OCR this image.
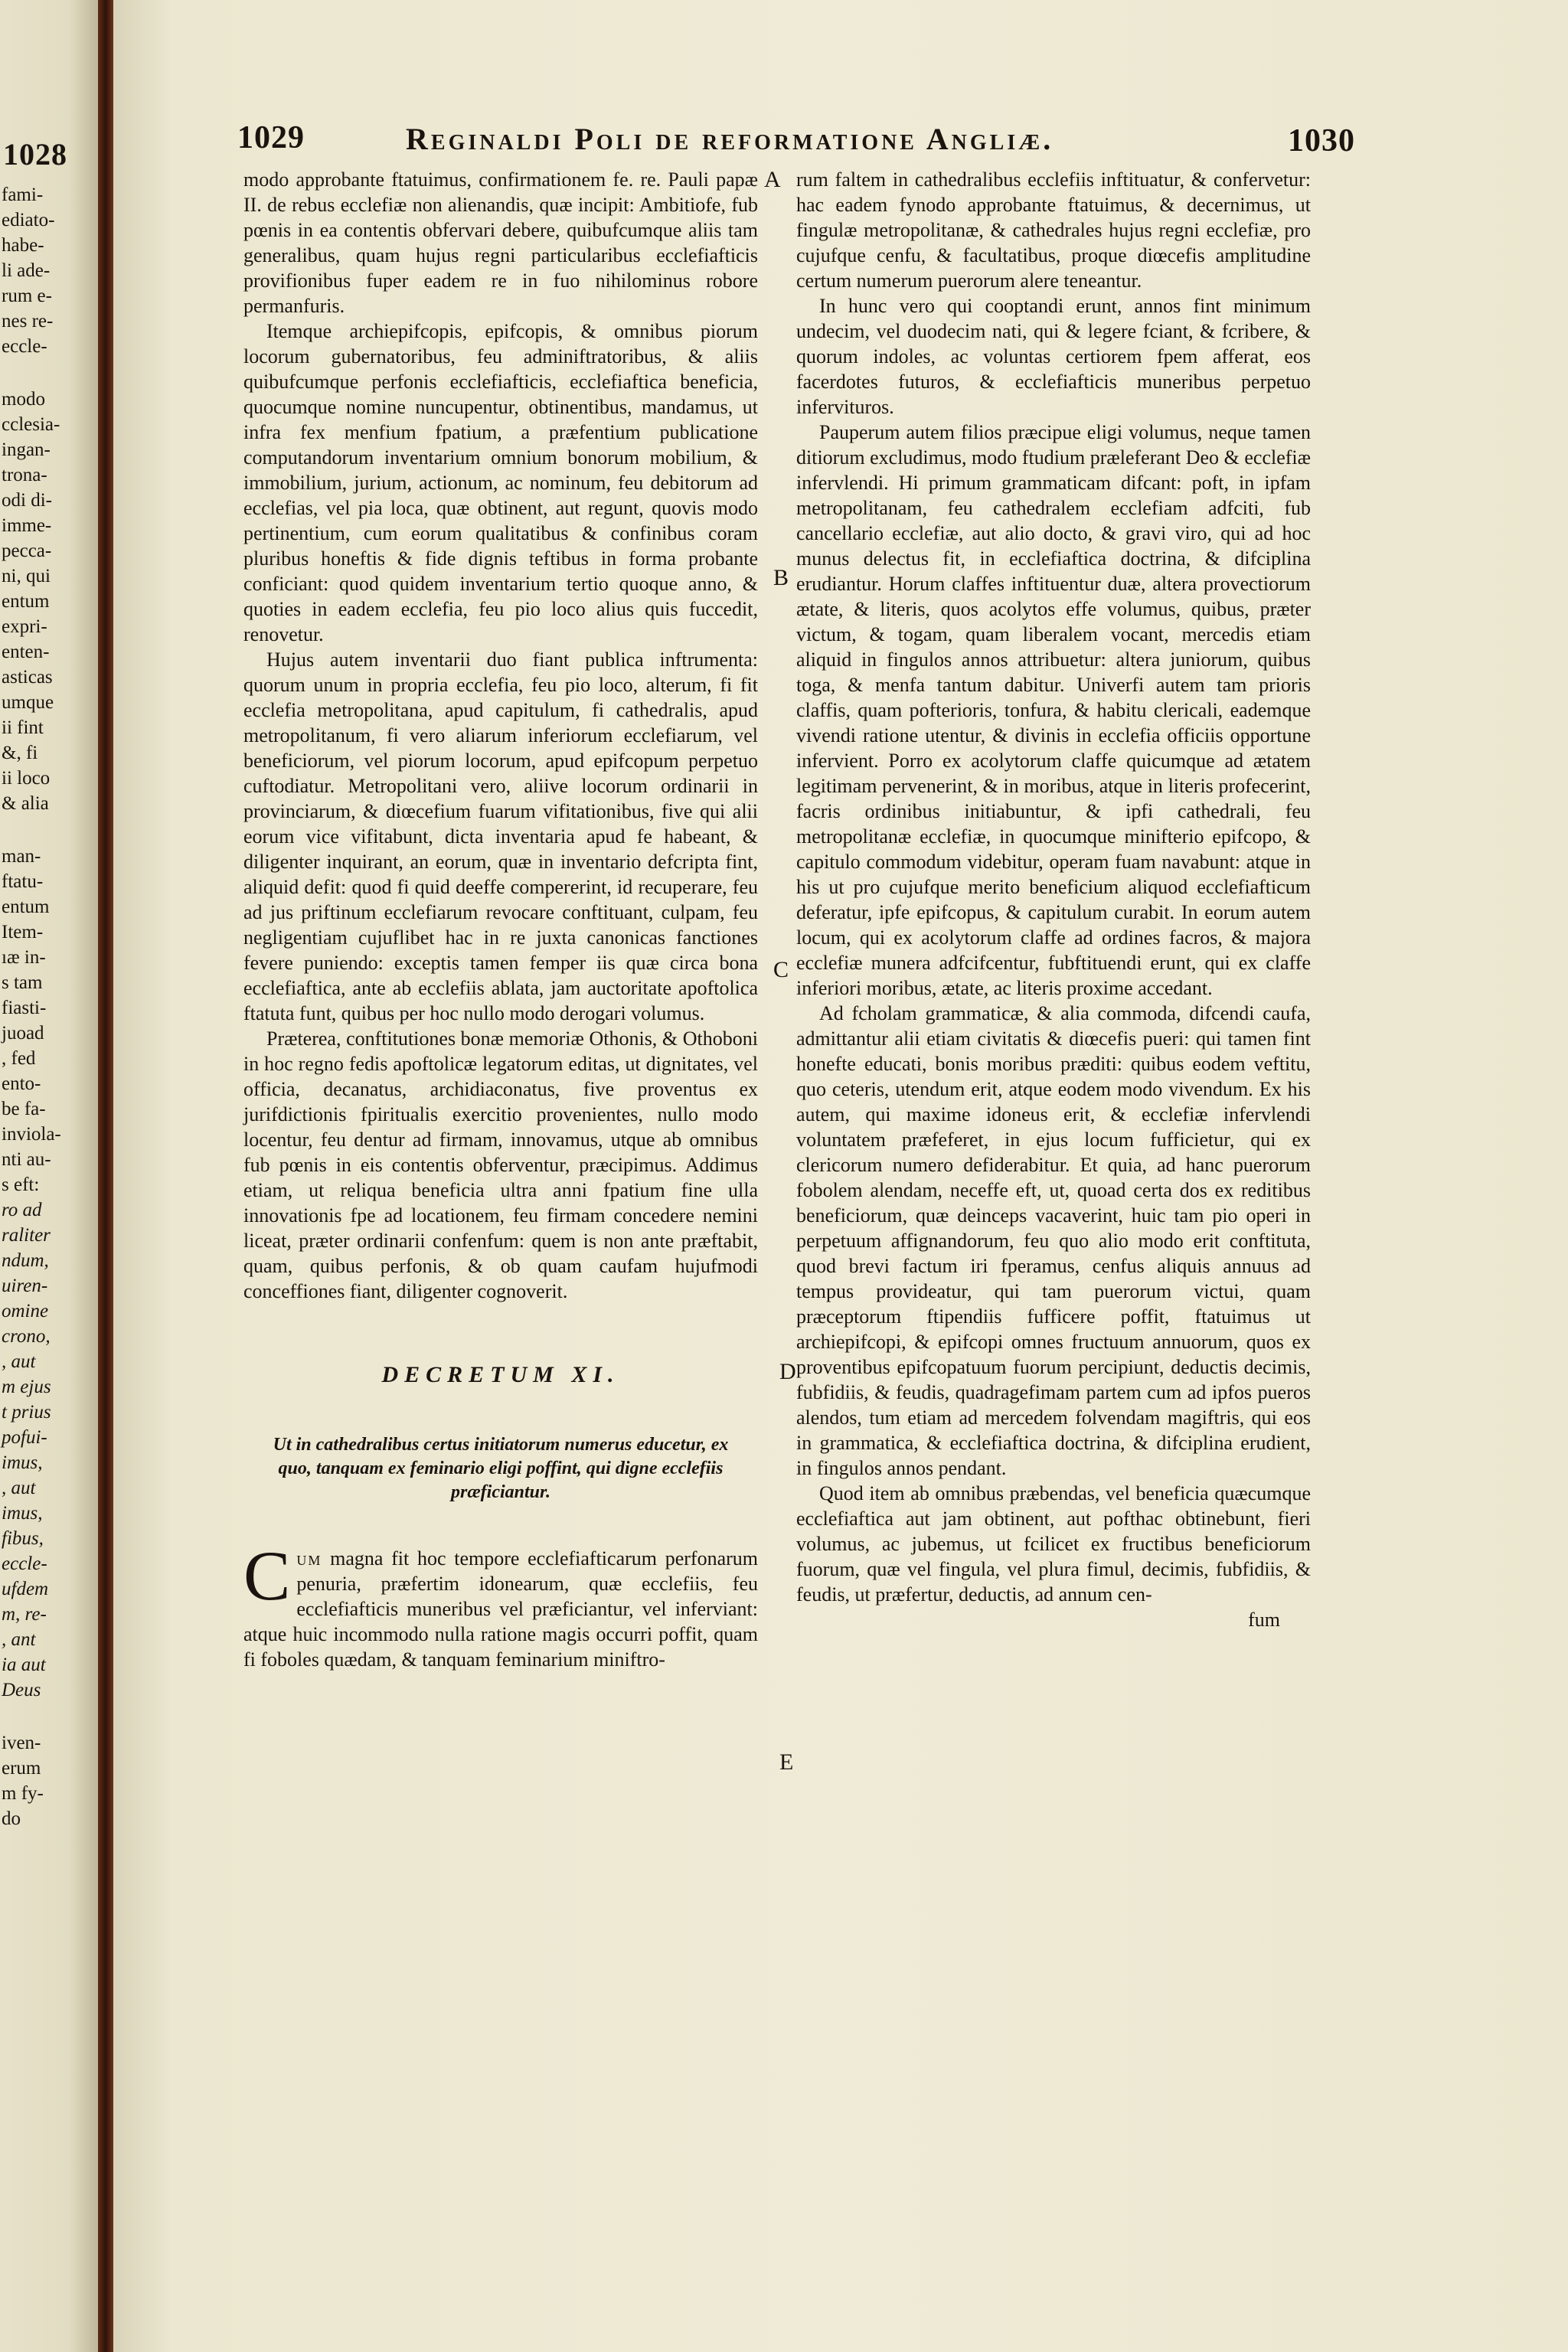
1028
fami-
ediato-
habe-
li ade-
rum e-
nes re-
eccle-
modo
cclesia-
ingan-
trona-
odi di-
imme-
pecca-
ni, qui
entum
expri-
enten-
asticas
umque
ii fint
&, fi
ii loco
& alia
man-
ftatu-
entum
Item-
ıæ in-
s tam
fiasti-
juoad
, fed
ento-
be fa-
inviola-
nti au-
s eft:
ro ad
raliter
ndum,
uiren-
omine
crono,
, aut
m ejus
t prius
pofui-
imus,
, aut
imus,
fibus,
eccle-
ufdem
m, re-
, ant
ia aut
Deus
iven-
erum
m fy-
do
1029	Reginaldi Poli de reformatione Angliæ.	1030

modo approbante ftatuimus, confirmationem fe. re. Pauli papæ II. de rebus ecclefiæ non alienandis, quæ incipit: Ambitiofe, fub pœnis in ea contentis obfervari debere, quibufcumque aliis tam generalibus, quam hujus regni particularibus ecclefiafticis provifionibus fuper eadem re in fuo nihilominus robore permanfuris.

Itemque archiepifcopis, epifcopis, & omnibus piorum locorum gubernatoribus, feu adminiftratoribus, & aliis quibufcumque perfonis ecclefiafticis, ecclefiaftica beneficia, quocumque nomine nuncupentur, obtinentibus, mandamus, ut infra fex menfium fpatium, a præfentium publicatione computandorum inventarium omnium bonorum mobilium, & immobilium, jurium, actionum, ac nominum, feu debitorum ad ecclefias, vel pia loca, quæ obtinent, aut regunt, quovis modo pertinentium, cum eorum qualitatibus & confinibus coram pluribus honeftis & fide dignis teftibus in forma probante conficiant: quod quidem inventarium tertio quoque anno, & quoties in eadem ecclefia, feu pio loco alius quis fuccedit, renovetur.

Hujus autem inventarii duo fiant publica inftrumenta: quorum unum in propria ecclefia, feu pio loco, alterum, fi fit ecclefia metropolitana, apud capitulum, fi cathedralis, apud metropolitanum, fi vero aliarum inferiorum ecclefiarum, vel beneficiorum, vel piorum locorum, apud epifcopum perpetuo cuftodiatur. Metropolitani vero, aliive locorum ordinarii in provinciarum, & diœcefium fuarum vifitationibus, five qui alii eorum vice vifitabunt, dicta inventaria apud fe habeant, & diligenter inquirant, an eorum, quæ in inventario defcripta fint, aliquid defit: quod fi quid deeffe compererint, id recuperare, feu ad jus priftinum ecclefiarum revocare conftituant, culpam, feu negligentiam cujuflibet hac in re juxta canonicas fanctiones fevere puniendo: exceptis tamen femper iis quæ circa bona ecclefiaftica, ante ab ecclefiis ablata, jam auctoritate apoftolica ftatuta funt, quibus per hoc nullo modo derogari volumus.

Præterea, conftitutiones bonæ memoriæ Othonis, & Othoboni in hoc regno fedis apoftolicæ legatorum editas, ut dignitates, vel officia, decanatus, archidiaconatus, five proventus ex jurifdictionis fpiritualis exercitio provenientes, nullo modo locentur, feu dentur ad firmam, innovamus, utque ab omnibus fub pœnis in eis contentis obferventur, præcipimus. Addimus etiam, ut reliqua beneficia ultra anni fpatium fine ulla innovationis fpe ad locationem, feu firmam concedere nemini liceat, præter ordinarii confenfum: quem is non ante præftabit, quam, quibus perfonis, & ob quam caufam hujufmodi conceffiones fiant, diligenter cognoverit.

DECRETUM XI.
Ut in cathedralibus certus initiatorum numerus educetur, ex quo, tanquam ex feminario eligi poffint, qui digne ecclefiis præficiantur.

Cum magna fit hoc tempore ecclefiafticarum perfonarum penuria, præfertim idonearum, quæ ecclefiis, feu ecclefiafticis muneribus vel præficiantur, vel inferviant: atque huic incommodo nulla ratione magis occurri poffit, quam fi foboles quædam, & tanquam feminarium miniftro-

rum faltem in cathedralibus ecclefiis inftituatur, & confervetur: hac eadem fynodo approbante ftatuimus, & decernimus, ut fingulæ metropolitanæ, & cathedrales hujus regni ecclefiæ, pro cujufque cenfu, & facultatibus, proque diœcefis amplitudine certum numerum puerorum alere teneantur.

In hunc vero qui cooptandi erunt, annos fint minimum undecim, vel duodecim nati, qui & legere fciant, & fcribere, & quorum indoles, ac voluntas certiorem fpem afferat, eos facerdotes futuros, & ecclefiafticis muneribus perpetuo infervituros.

Pauperum autem filios præcipue eligi volumus, neque tamen ditiorum excludimus, modo ftudium præleferant Deo & ecclefiæ infervlendi. Hi primum grammaticam difcant: poft, in ipfam metropolitanam, feu cathedralem ecclefiam adfciti, fub cancellario ecclefiæ, aut alio docto, & gravi viro, qui ad hoc munus delectus fit, in ecclefiaftica doctrina, & difciplina erudiantur. Horum claffes inftituentur duæ, altera provectiorum ætate, & literis, quos acolytos effe volumus, quibus, præter victum, & togam, quam liberalem vocant, mercedis etiam aliquid in fingulos annos attribuetur: altera juniorum, quibus toga, & menfa tantum dabitur. Univerfi autem tam prioris claffis, quam pofterioris, tonfura, & habitu clericali, eademque vivendi ratione utentur, & divinis in ecclefia officiis opportune infervient. Porro ex acolytorum claffe quicumque ad ætatem legitimam pervenerint, & in moribus, atque in literis profecerint, facris ordinibus initiabuntur, & ipfi cathedrali, feu metropolitanæ ecclefiæ, in quocumque minifterio epifcopo, & capitulo commodum videbitur, operam fuam navabunt: atque in his ut pro cujufque merito beneficium aliquod ecclefiafticum deferatur, ipfe epifcopus, & capitulum curabit. In eorum autem locum, qui ex acolytorum claffe ad ordines facros, & majora ecclefiæ munera adfcifcentur, fubftituendi erunt, qui ex claffe inferiori moribus, ætate, ac literis proxime accedant.

Ad fcholam grammaticæ, & alia commoda, difcendi caufa, admittantur alii etiam civitatis & diœcefis pueri: qui tamen fint honefte educati, bonis moribus præditi: quibus eodem veftitu, quo ceteris, utendum erit, atque eodem modo vivendum. Ex his autem, qui maxime idoneus erit, & ecclefiæ infervlendi voluntatem præfeferet, in ejus locum fufficietur, qui ex clericorum numero defiderabitur. Et quia, ad hanc puerorum fobolem alendam, neceffe eft, ut, quoad certa dos ex reditibus beneficiorum, quæ deinceps vacaverint, huic tam pio operi in perpetuum affignandorum, feu quo alio modo erit conftituta, quod brevi factum iri fperamus, cenfus aliquis annuus ad tempus provideatur, qui tam puerorum victui, quam præceptorum ftipendiis fufficere poffit, ftatuimus ut archiepifcopi, & epifcopi omnes fructuum annuorum, quos ex proventibus epifcopatuum fuorum percipiunt, deductis decimis, fubfidiis, & feudis, quadragefimam partem cum ad ipfos pueros alendos, tum etiam ad mercedem folvendam magiftris, qui eos in grammatica, & ecclefiaftica doctrina, & difciplina erudient, in fingulos annos pendant.

Quod item ab omnibus præbendas, vel beneficia quæcumque ecclefiaftica aut jam obtinent, aut pofthac obtinebunt, fieri volumus, ac jubemus, ut fcilicet ex fructibus beneficiorum fuorum, quæ vel fingula, vel plura fimul, decimis, fubfidiis, & feudis, ut præfertur, deductis, ad annum cen-

fum

A
B
C
D
E
